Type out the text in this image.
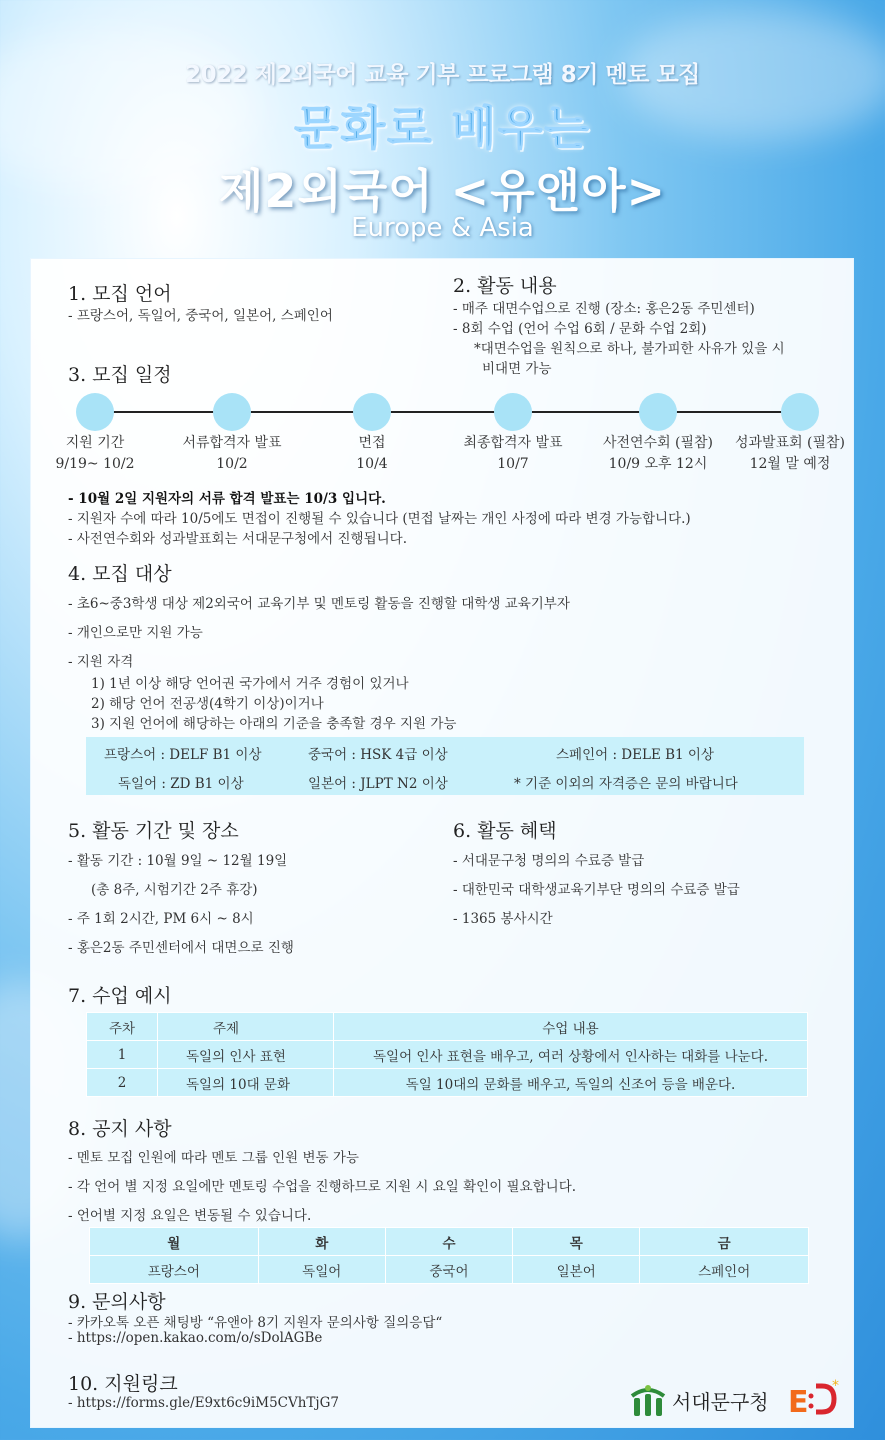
2022 제2외국어 교육 기부 프로그램 8기 멘토 모집
문화로 배우는
제2외국어 <유앤아>
Europe & Asia
1. 모집 언어
- 프랑스어, 독일어, 중국어, 일본어, 스페인어
2. 활동 내용
- 매주 대면수업으로 진행 (장소: 홍은2동 주민센터)
- 8회 수업 (언어 수업 6회 / 문화 수업 2회)
*대면수업을 원칙으로 하나, 불가피한 사유가 있을 시
비대면 가능
3. 모집 일정
지원 기간
9/19~ 10/2
서류합격자 발표
10/2
면접
10/4
최종합격자 발표
10/7
사전연수회 (필참)
10/9 오후 12시
성과발표회 (필참)
12월 말 예정
- 10월 2일 지원자의 서류 합격 발표는 10/3 입니다.
- 지원자 수에 따라 10/5에도 면접이 진행될 수 있습니다 (면접 날짜는 개인 사정에 따라 변경 가능합니다.)
- 사전연수회와 성과발표회는 서대문구청에서 진행됩니다.
4. 모집 대상
- 초6~중3학생 대상 제2외국어 교육기부 및 멘토링 활동을 진행할 대학생 교육기부자
- 개인으로만 지원 가능
- 지원 자격
1) 1년 이상 해당 언어권 국가에서 거주 경험이 있거나
2) 해당 언어 전공생(4학기 이상)이거나
3) 지원 언어에 해당하는 아래의 기준을 충족할 경우 지원 가능
프랑스어 : DELF B1 이상	중국어 : HSK 4급 이상	스페인어 : DELE B1 이상
독일어 : ZD B1 이상	일본어 : JLPT N2 이상	* 기준 이외의 자격증은 문의 바랍니다
5. 활동 기간 및 장소
- 활동 기간 : 10월 9일 ~ 12월 19일
(총 8주, 시험기간 2주 휴강)
- 주 1회 2시간, PM 6시 ~ 8시
- 홍은2동 주민센터에서 대면으로 진행
6. 활동 혜택
- 서대문구청 명의의 수료증 발급
- 대한민국 대학생교육기부단 명의의 수료증 발급
- 1365 봉사시간
7. 수업 예시
주차	주제	수업 내용
1	독일의 인사 표현	독일어 인사 표현을 배우고, 여러 상황에서 인사하는 대화를 나눈다.
2	독일의 10대 문화	독일 10대의 문화를 배우고, 독일의 신조어 등을 배운다.
8. 공지 사항
- 멘토 모집 인원에 따라 멘토 그룹 인원 변동 가능
- 각 언어 별 지정 요일에만 멘토링 수업을 진행하므로 지원 시 요일 확인이 필요합니다.
- 언어별 지정 요일은 변동될 수 있습니다.
월	화	수	목	금
프랑스어	독일어	중국어	일본어	스페인어
9. 문의사항
- 카카오톡 오픈 채팅방 “유앤아 8기 지원자 문의사항 질의응답“
- https://open.kakao.com/o/sDolAGBe
10. 지원링크
- https://forms.gle/E9xt6c9iM5CVhTjG7	서대문구청 E *
